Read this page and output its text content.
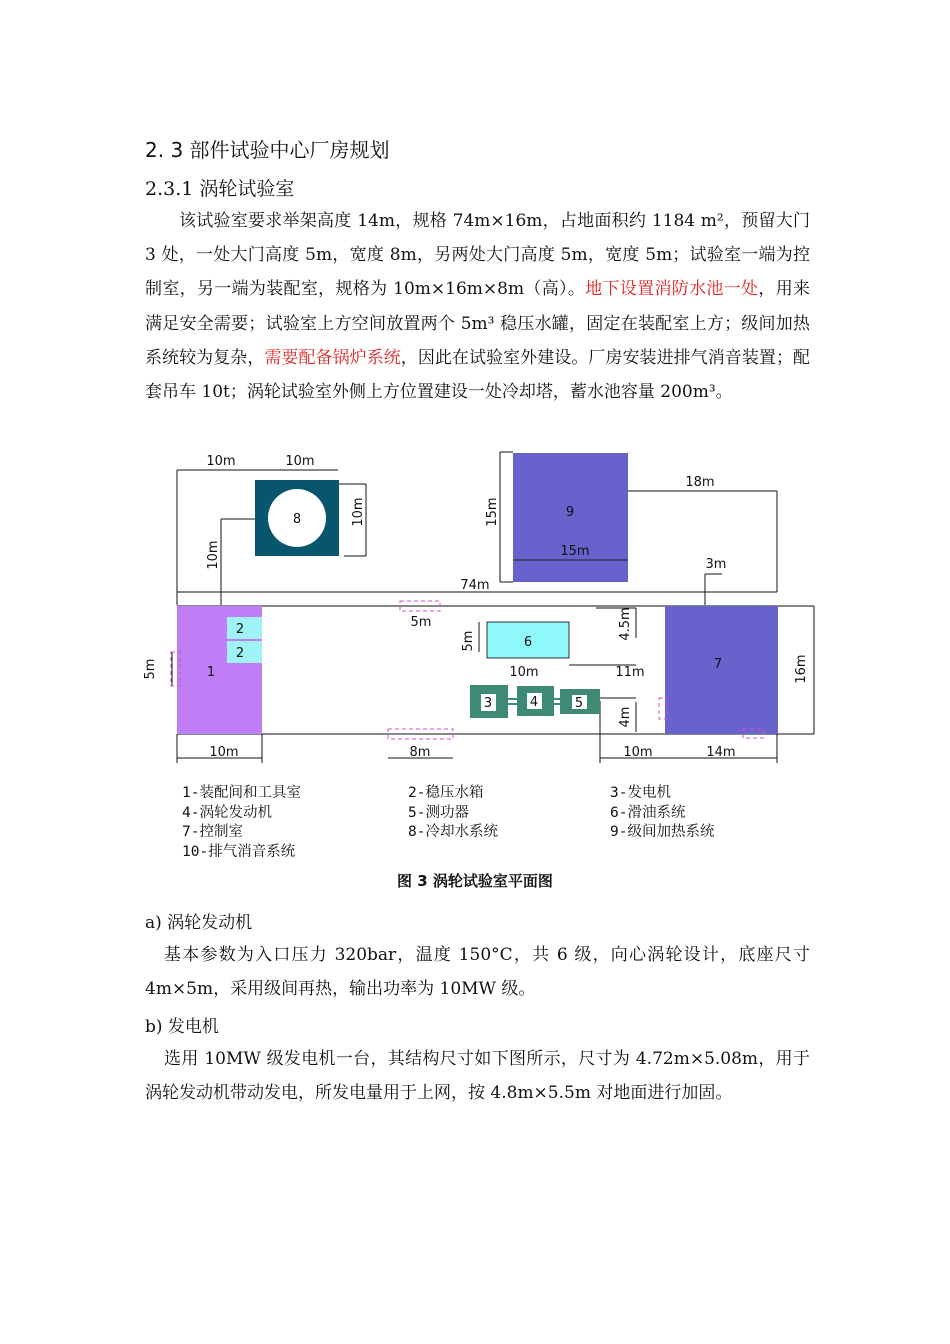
2. 3 部件试验中心厂房规划
2.3.1 涡轮试验室
该试验室要求举架高度 14m，规格 74m×16m，占地面积约 1184 m²，预留大门 3 处，一处大门高度 5m，宽度 8m，另两处大门高度 5m，宽度 5m；试验室一端为控制室，另一端为装配室，规格为 10m×16m×8m（高）。地下设置消防水池一处，用来满足安全需要；试验室上方空间放置两个 5m³ 稳压水罐，固定在装配室上方；级间加热系统较为复杂，需要配备锅炉系统，因此在试验室外建设。厂房安装进排气消音装置；配套吊车 10t；涡轮试验室外侧上方位置建设一处冷却塔，蓄水池容量 200m³。
8	9
1
2
2
7
6
3	4	5
10m	10m
10m
10m
15m
15m
18m
3m
74m
5m
5m
5m
4.5m
10m	11m
4m
16m
10m	8m	10m	14m
1-装配间和工具室	2-稳压水箱	3-发电机
4-涡轮发动机	5-测功器	6-滑油系统
7-控制室	8-冷却水系统	9-级间加热系统
10-排气消音系统
图 3 涡轮试验室平面图
a) 涡轮发动机
基本参数为入口压力 320bar，温度 150°C，共 6 级，向心涡轮设计，底座尺寸 4m×5m，采用级间再热，输出功率为 10MW 级。
b) 发电机
选用 10MW 级发电机一台，其结构尺寸如下图所示，尺寸为 4.72m×5.08m，用于涡轮发动机带动发电，所发电量用于上网，按 4.8m×5.5m 对地面进行加固。
